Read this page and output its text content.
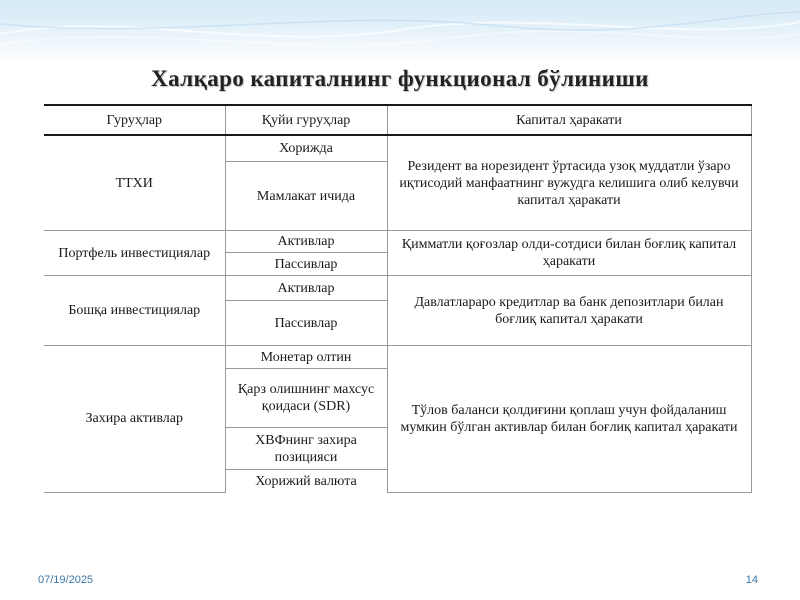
Халқаро капиталнинг функционал бўлиниши
Гуруҳлар	Қуйи гуруҳлар	Капитал ҳаракати
ТТХИ	Хорижда	Резидент ва норезидент ўртасида узоқ муддатли ўзаро иқтисодий манфаатнинг вужудга келишига олиб келувчи капитал ҳаракати
	Мамлакат ичида	
Портфель инвестициялар	Активлар	Қимматли қоғозлар олди-сотдиси билан боғлиқ капитал ҳаракати
	Пассивлар	
Бошқа инвестициялар	Активлар	Давлатлараро кредитлар ва банк депозитлари билан боғлиқ капитал ҳаракати
	Пассивлар	
Захира активлар	Монетар олтин	Тўлов баланси қолдиғини қоплаш учун фойдаланиш мумкин бўлган активлар билан боғлиқ капитал ҳаракати
	Қарз олишнинг махсус қоидаси (SDR)	
	ХВФнинг захира позицияси	
	Хорижий валюта	
07/19/2025	14
